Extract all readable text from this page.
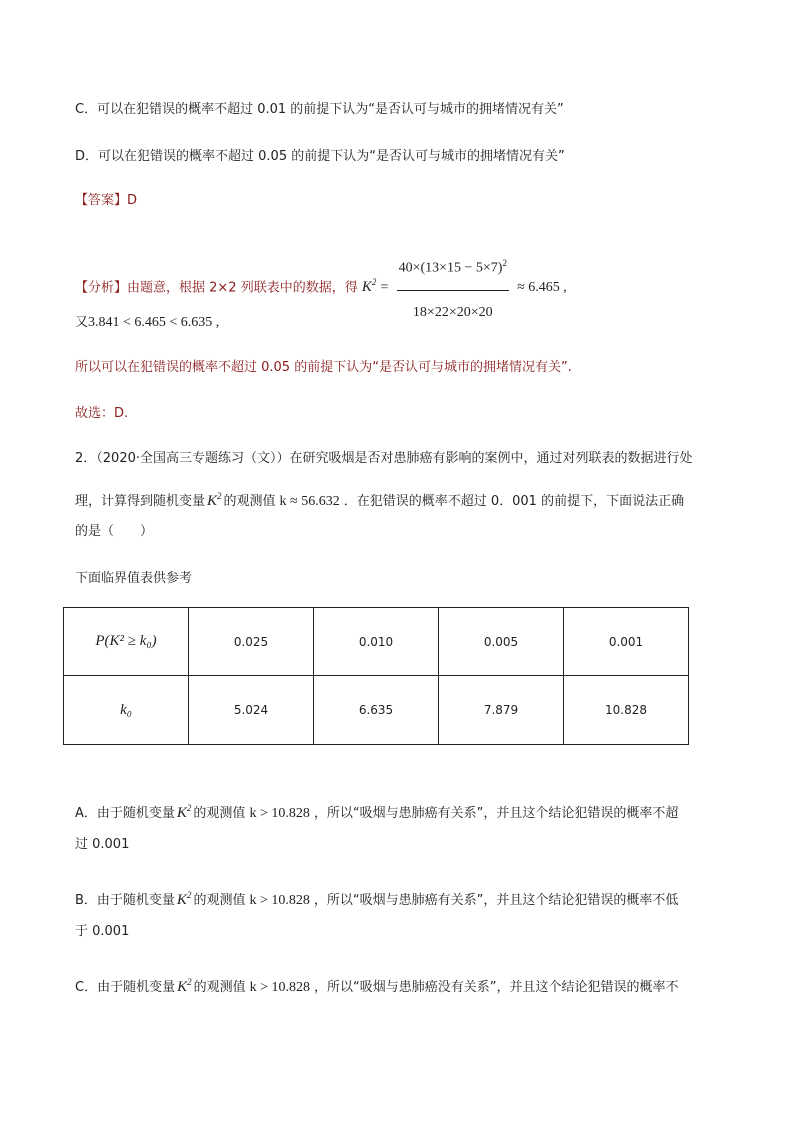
C．可以在犯错误的概率不超过 0.01 的前提下认为“是否认可与城市的拥堵情况有关”
D．可以在犯错误的概率不超过 0.05 的前提下认为“是否认可与城市的拥堵情况有关”
【答案】D
【分析】由题意，根据 2×2 列联表中的数据，得 $K^2 = \frac{40\times(13\times 15 - 5\times 7)^2}{18\times 22\times 20\times 20} \approx 6.465$ ,
又3.841 < 6.465 < 6.635 ,
所以可以在犯错误的概率不超过 0.05 的前提下认为“是否认可与城市的拥堵情况有关”.
故选：D.
2．（2020·全国高三专题练习（文））在研究吸烟是否对患肺癌有影响的案例中，通过对列联表的数据进行处
理，计算得到随机变量 $K^2$ 的观测值 k ≈ 56.632 ．在犯错误的概率不超过 0．001 的前提下，下面说法正确
的是（　　）
下面临界值表供参考
P(K² ≥ k₀)	0.025	0.010	0.005	0.001
k₀	5.024	6.635	7.879	10.828
A．由于随机变量 $K^2$ 的观测值 k > 10.828 ，所以“吸烟与患肺癌有关系”，并且这个结论犯错误的概率不超
过 0.001
B．由于随机变量 $K^2$ 的观测值 k > 10.828 ，所以“吸烟与患肺癌有关系”，并且这个结论犯错误的概率不低
于 0.001
C．由于随机变量 $K^2$ 的观测值 k > 10.828 ，所以“吸烟与患肺癌没有关系”，并且这个结论犯错误的概率不
